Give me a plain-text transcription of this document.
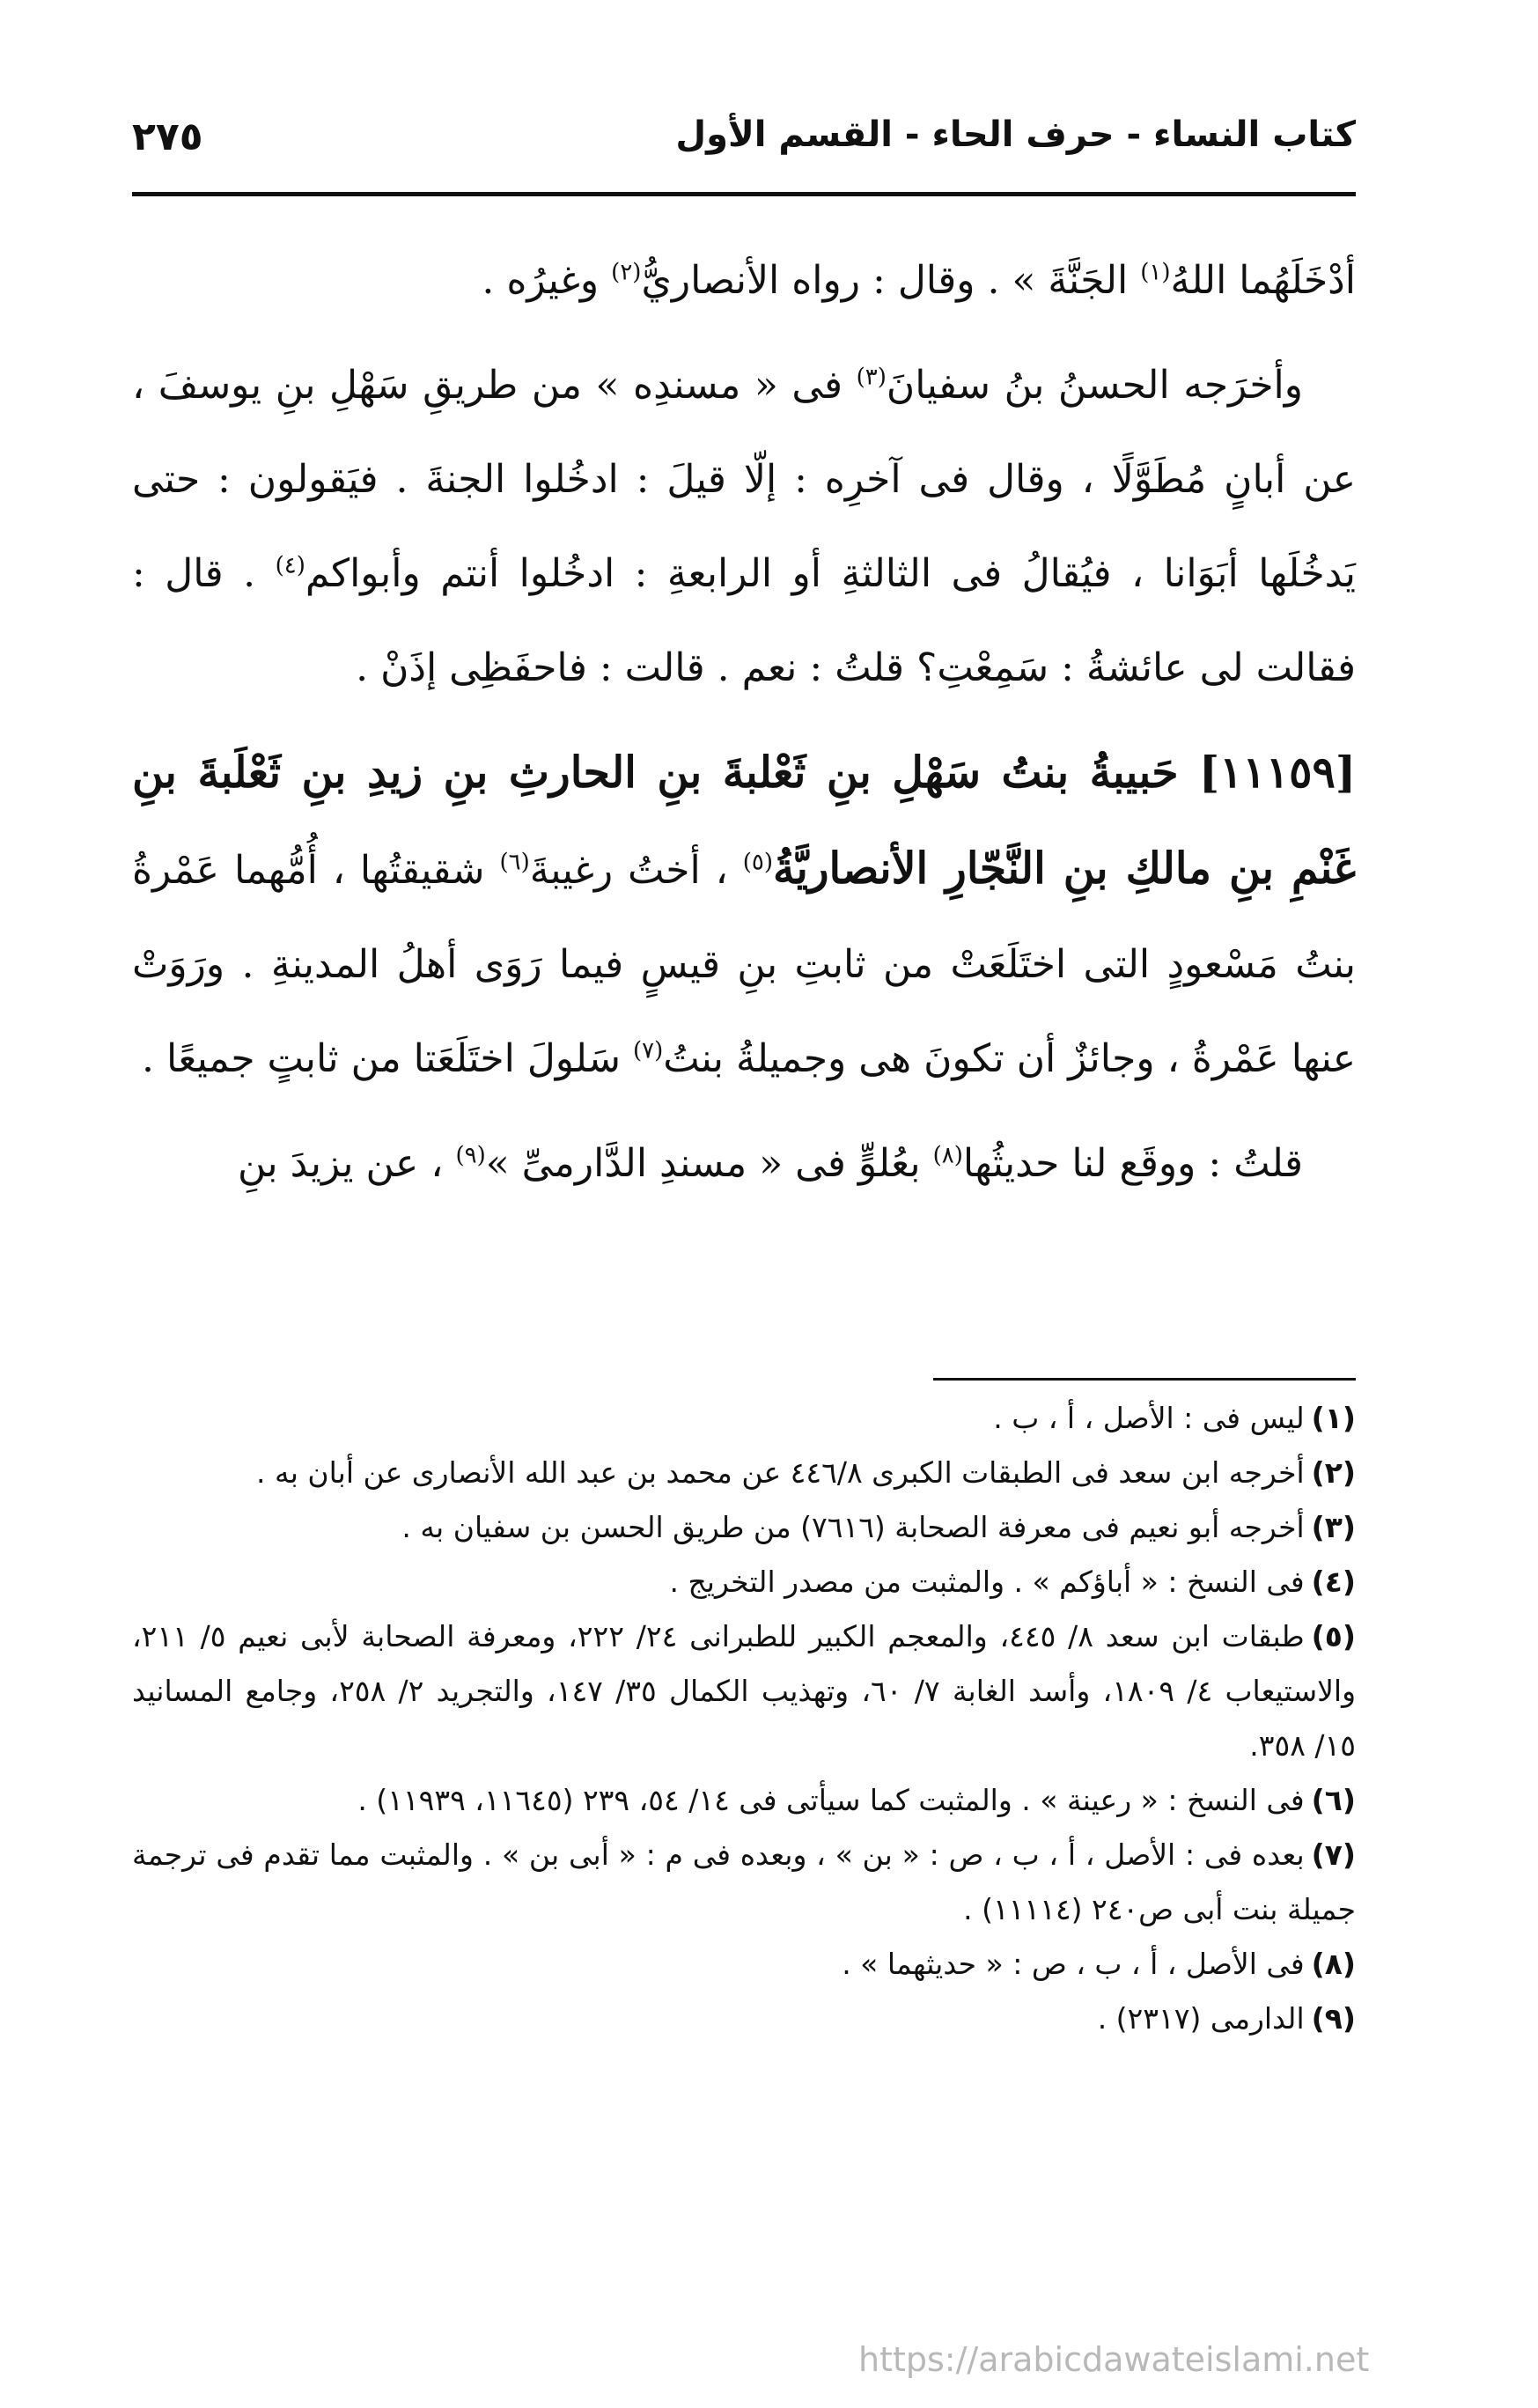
٢٧٥	كتاب النساء - حرف الحاء - القسم الأول

أدْخَلَهُما اللهُ$^{(١)}$ الجَنَّةَ » . وقال : رواه الأنصاريُّ$^{(٢)}$ وغيرُه .

وأخرَجه الحسنُ بنُ سفيانَ$^{(٣)}$ فى « مسندِه » من طريقِ سَهْلِ بنِ يوسفَ ، عن أبانٍ مُطَوَّلًا ، وقال فى آخرِه : إلّا قيلَ : ادخُلوا الجنةَ . فيَقولون : حتى يَدخُلَها أبَوَانا ، فيُقالُ فى الثالثةِ أو الرابعةِ : ادخُلوا أنتم وأبواكم$^{(٤)}$ . قال : فقالت لى عائشةُ : سَمِعْتِ؟ قلتُ : نعم . قالت : فاحفَظِى إذَنْ .

[١١١٥٩] حَبيبةُ بنتُ سَهْلِ بنِ ثَعْلبةَ بنِ الحارثِ بنِ زيدِ بنِ ثَعْلَبةَ بنِ غَنْمِ بنِ مالكِ بنِ النَّجّارِ الأنصاريَّةُ$^{(٥)}$ ، أختُ رغيبةَ$^{(٦)}$ شقيقتُها ، أُمُّهما عَمْرةُ بنتُ مَسْعودٍ التى اختَلَعَتْ من ثابتِ بنِ قيسٍ فيما رَوَى أهلُ المدينةِ . ورَوَتْ عنها عَمْرةُ ، وجائزٌ أن تكونَ هى وجميلةُ بنتُ$^{(٧)}$ سَلولَ اختَلَعَتا من ثابتٍ جميعًا .

قلتُ : ووقَع لنا حديثُها$^{(٨)}$ بعُلوٍّ فى « مسندِ الدَّارمىِّ »$^{(٩)}$ ، عن يزيدَ بنِ

(١)ليس فى : الأصل ، أ ، ب .

(٢)أخرجه ابن سعد فى الطبقات الكبرى ٤٤٦/٨ عن محمد بن عبد الله الأنصارى عن أبان به .

(٣)أخرجه أبو نعيم فى معرفة الصحابة (٧٦١٦) من طريق الحسن بن سفيان به .

(٤)فى النسخ : « أباؤكم » . والمثبت من مصدر التخريج .

(٥)طبقات ابن سعد ٨/ ٤٤٥، والمعجم الكبير للطبرانى ٢٤/ ٢٢٢، ومعرفة الصحابة لأبى نعيم ٥/ ٢١١، والاستيعاب ٤/ ١٨٠٩، وأسد الغابة ٧/ ٦٠، وتهذيب الكمال ٣٥/ ١٤٧، والتجريد ٢/ ٢٥٨، وجامع المسانيد ١٥/ ٣٥٨.

(٦)فى النسخ : « رعينة » . والمثبت كما سيأتى فى ١٤/ ٥٤، ٢٣٩ (١١٦٤٥، ١١٩٣٩) .

(٧)بعده فى : الأصل ، أ ، ب ، ص : « بن » ، وبعده فى م : « أبى بن » . والمثبت مما تقدم فى ترجمة جميلة بنت أبى ص٢٤٠ (١١١١٤) .

(٨)فى الأصل ، أ ، ب ، ص : « حديثهما » .

(٩)الدارمى (٢٣١٧) .

https://arabicdawateislami.net
